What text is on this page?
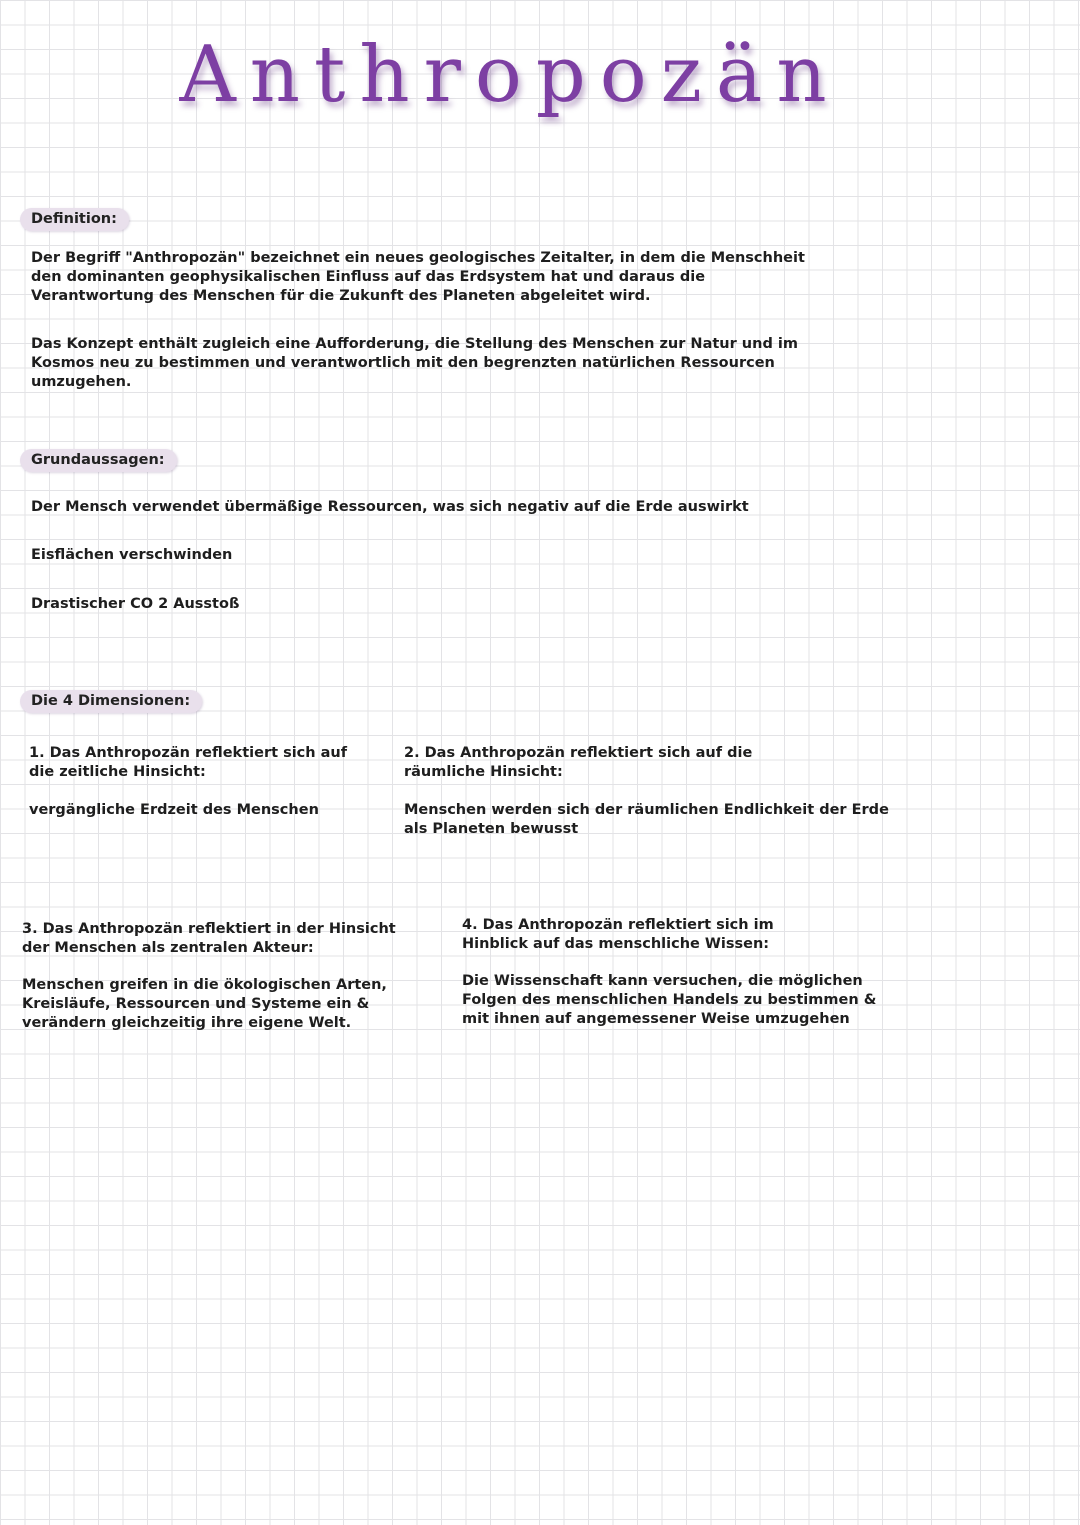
Anthropozän
Definition:

Der Begriff "Anthropozän" bezeichnet ein neues geologisches Zeitalter, in dem die Menschheit den dominanten geophysikalischen Einfluss auf das Erdsystem hat und daraus die Verantwortung des Menschen für die Zukunft des Planeten abgeleitet wird.

Das Konzept enthält zugleich eine Aufforderung, die Stellung des Menschen zur Natur und im Kosmos neu zu bestimmen und verantwortlich mit den begrenzten natürlichen Ressourcen umzugehen.

Grundaussagen:

Der Mensch verwendet übermäßige Ressourcen, was sich negativ auf die Erde auswirkt

Eisflächen verschwinden

Drastischer CO 2 Ausstoß

Die 4 Dimensionen:

1. Das Anthropozän reflektiert sich auf die zeitliche Hinsicht:

vergängliche Erdzeit des Menschen

2. Das Anthropozän reflektiert sich auf die räumliche Hinsicht:

Menschen werden sich der räumlichen Endlichkeit der Erde als Planeten bewusst

3. Das Anthropozän reflektiert in der Hinsicht der Menschen als zentralen Akteur:

Menschen greifen in die ökologischen Arten, Kreisläufe, Ressourcen und Systeme ein & verändern gleichzeitig ihre eigene Welt.

4. Das Anthropozän reflektiert sich im Hinblick auf das menschliche Wissen:

Die Wissenschaft kann versuchen, die möglichen Folgen des menschlichen Handels zu bestimmen & mit ihnen auf angemessener Weise umzugehen
